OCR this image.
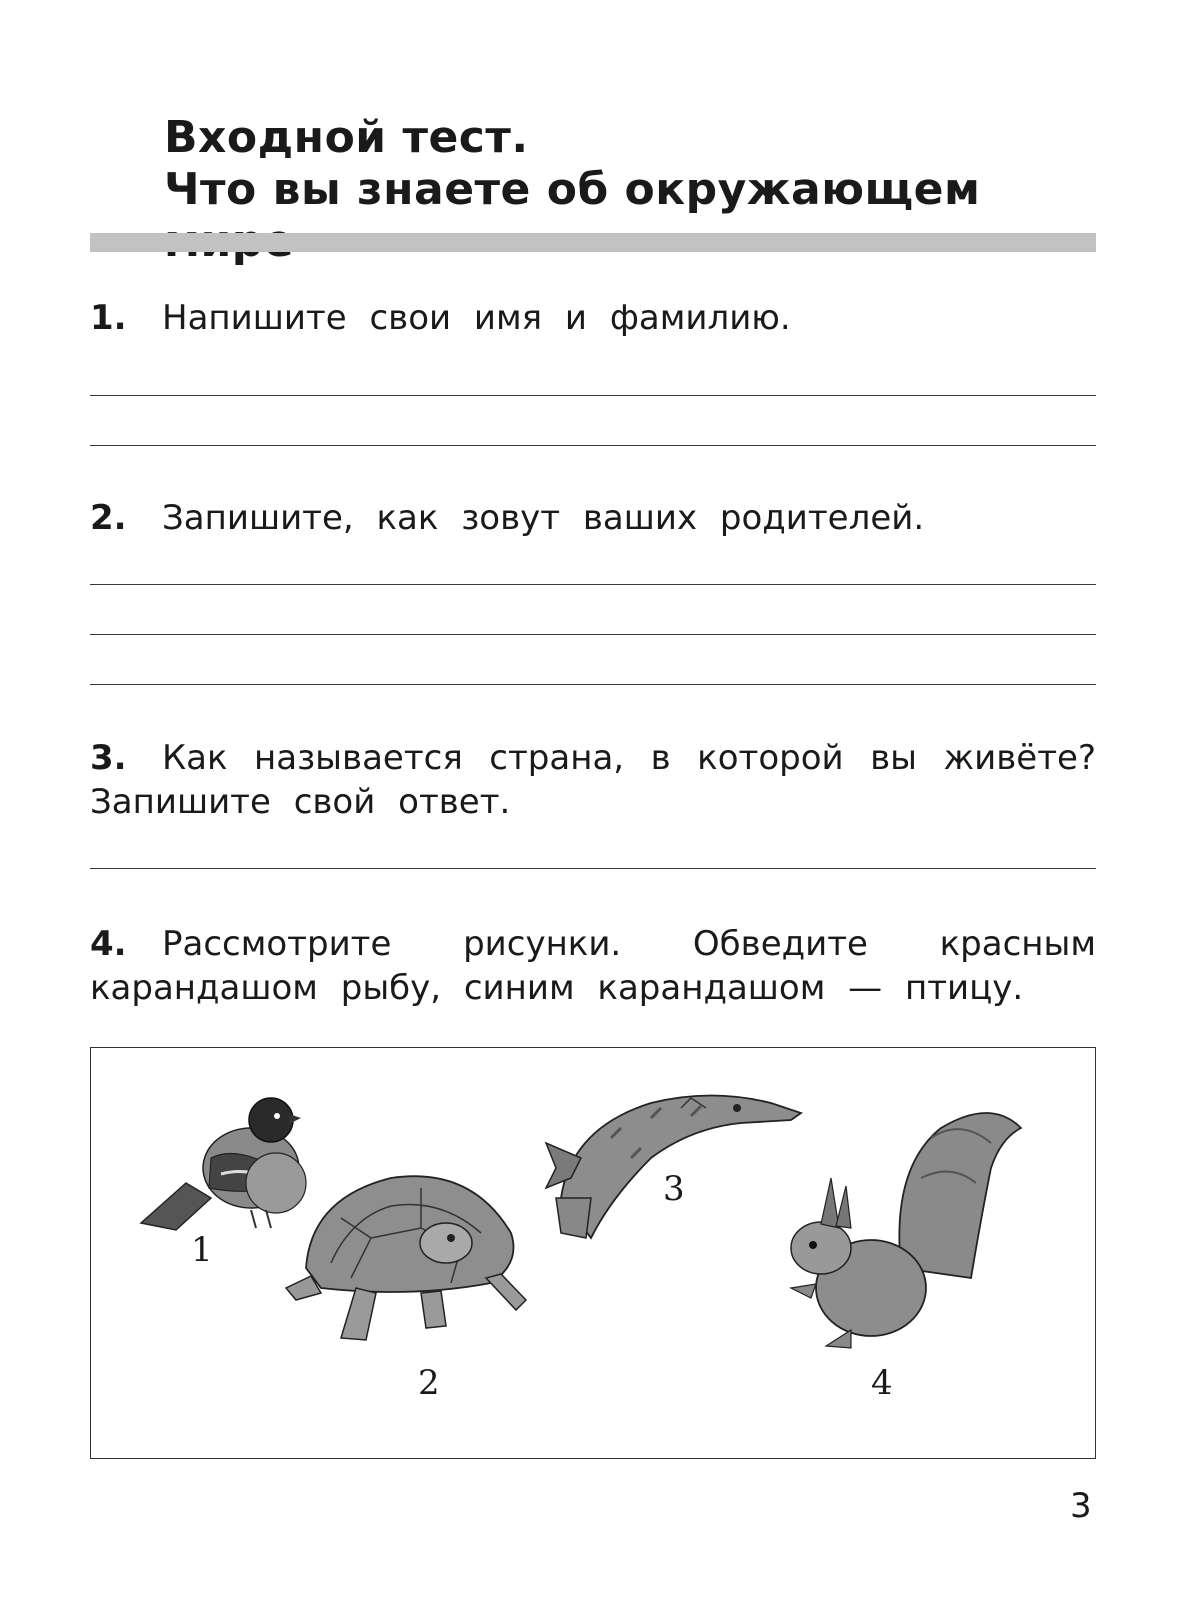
Входной тест.
Что вы знаете об окружающем
1. Напишите свои имя и фамилию.
2. Запишите, как зовут ваших родителей.
3. Как называется страна, в которой вы живёте? Запишите свой ответ.
4. Рассмотрите рисунки. Обведите красным карандашом рыбу, синим карандашом — птицу.
1
2
3
4
3
